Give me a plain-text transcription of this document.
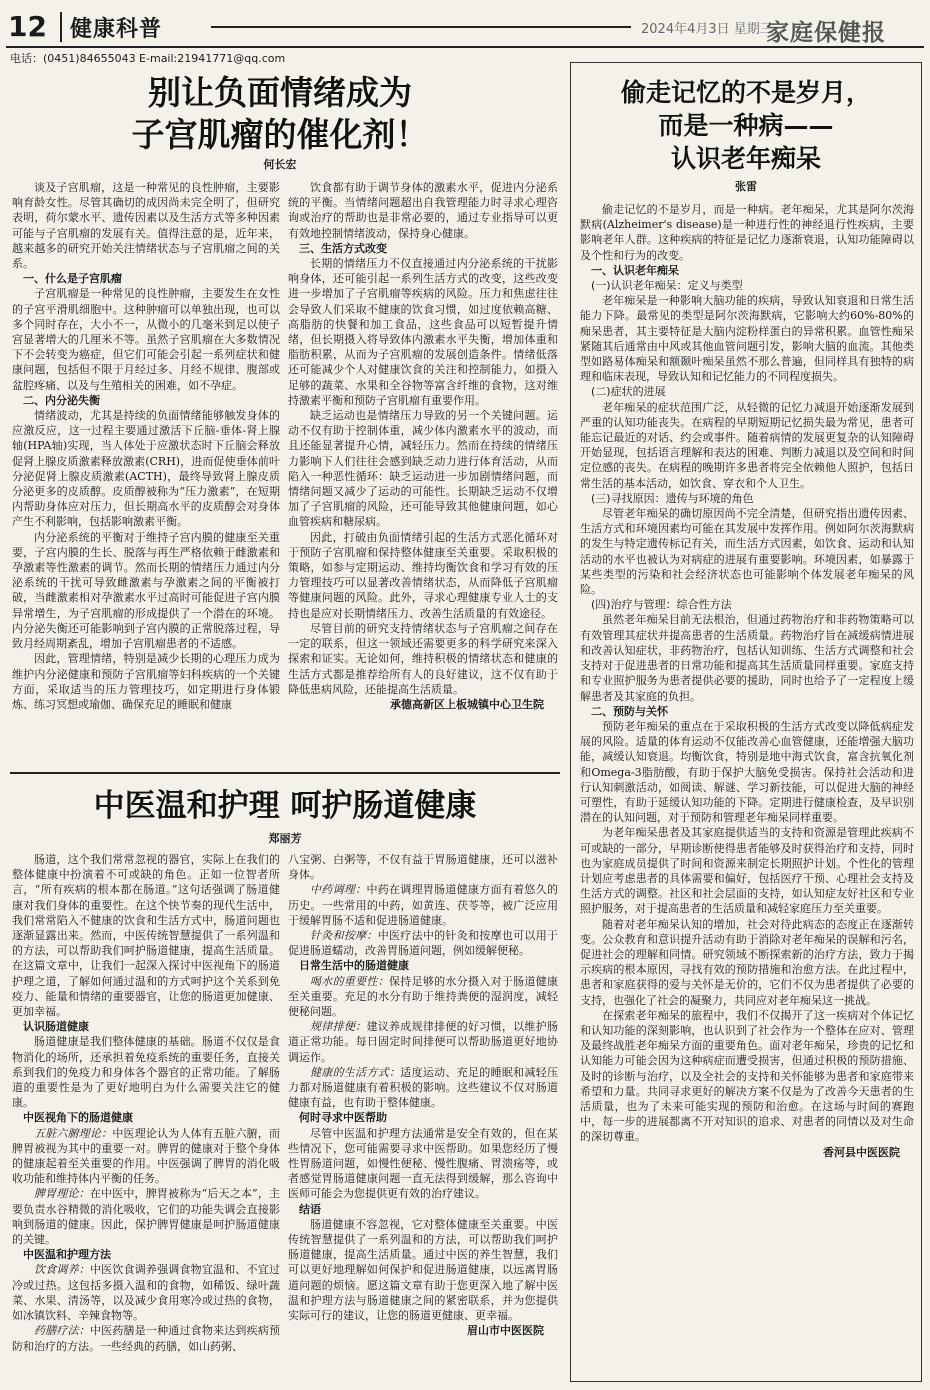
12 健康科普	2024年4月3日 星期三
家庭保健报
电话：(0451)84655043 E-mail:21941771@qq.com
别让负面情绪成为
子宫肌瘤的催化剂！
何长宏

谈及子宫肌瘤，这是一种常见的良性肿瘤，主要影响育龄女性。尽管其确切的成因尚未完全明了，但研究表明，荷尔蒙水平、遗传因素以及生活方式等多种因素可能与子宫肌瘤的发展有关。值得注意的是，近年来，越来越多的研究开始关注情绪状态与子宫肌瘤之间的关系。

一、什么是子宫肌瘤

子宫肌瘤是一种常见的良性肿瘤，主要发生在女性的子宫平滑肌细胞中。这种肿瘤可以单独出现，也可以多个同时存在，大小不一，从微小的几毫米到足以使子宫显著增大的几厘米不等。虽然子宫肌瘤在大多数情况下不会转变为癌症，但它们可能会引起一系列症状和健康问题，包括但不限于月经过多、月经不规律、腹部或盆腔疼痛、以及与生殖相关的困难，如不孕症。

二、内分泌失衡

情绪波动，尤其是持续的负面情绪能够触发身体的应激反应，这一过程主要通过激活下丘脑-垂体-肾上腺轴(HPA轴)实现，当人体处于应激状态时下丘脑会释放促肾上腺皮质激素释放激素(CRH)，进而促使垂体前叶分泌促肾上腺皮质激素(ACTH)，最终导致肾上腺皮质分泌更多的皮质醇。皮质醇被称为“压力激素”，在短期内帮助身体应对压力，但长期高水平的皮质醇会对身体产生不利影响，包括影响激素平衡。

内分泌系统的平衡对于维持子宫内膜的健康至关重要，子宫内膜的生长、脱落与再生严格依赖于雌激素和孕激素等性激素的调节。然而长期的情绪压力通过内分泌系统的干扰可导致雌激素与孕激素之间的平衡被打破，当雌激素相对孕激素水平过高时可能促进子宫内膜异常增生，为子宫肌瘤的形成提供了一个潜在的环境。内分泌失衡还可能影响到子宫内膜的正常脱落过程，导致月经周期紊乱，增加子宫肌瘤患者的不适感。

因此，管理情绪，特别是减少长期的心理压力成为维护内分泌健康和预防子宫肌瘤等妇科疾病的一个关键方面，采取适当的压力管理技巧，如定期进行身体锻炼、练习冥想或瑜伽、确保充足的睡眠和健康

饮食都有助于调节身体的激素水平，促进内分泌系统的平衡。当情绪问题超出自我管理能力时寻求心理咨询或治疗的帮助也是非常必要的，通过专业指导可以更有效地控制情绪波动，保持身心健康。

三、生活方式改变

长期的情绪压力不仅直接通过内分泌系统的干扰影响身体，还可能引起一系列生活方式的改变，这些改变进一步增加了子宫肌瘤等疾病的风险。压力和焦虑往往会导致人们采取不健康的饮食习惯，如过度依赖高糖、高脂肪的快餐和加工食品，这些食品可以短暂提升情绪，但长期摄入将导致体内激素水平失衡，增加体重和脂肪积累，从而为子宫肌瘤的发展创造条件。情绪低落还可能减少个人对健康饮食的关注和控制能力，如摄入足够的蔬菜、水果和全谷物等富含纤维的食物，这对维持激素平衡和预防子宫肌瘤有重要作用。

缺乏运动也是情绪压力导致的另一个关键问题。运动不仅有助于控制体重，减少体内激素水平的波动，而且还能显著提升心情，减轻压力。然而在持续的情绪压力影响下人们往往会感到缺乏动力进行体育活动，从而陷入一种恶性循环：缺乏运动进一步加剧情绪问题，而情绪问题又减少了运动的可能性。长期缺乏运动不仅增加了子宫肌瘤的风险，还可能导致其他健康问题，如心血管疾病和糖尿病。

因此，打破由负面情绪引起的生活方式恶化循环对于预防子宫肌瘤和保持整体健康至关重要。采取积极的策略，如参与定期运动、维持均衡饮食和学习有效的压力管理技巧可以显著改善情绪状态，从而降低子宫肌瘤等健康问题的风险。此外，寻求心理健康专业人士的支持也是应对长期情绪压力、改善生活质量的有效途径。

尽管目前的研究支持情绪状态与子宫肌瘤之间存在一定的联系，但这一领域还需要更多的科学研究来深入探索和证实。无论如何，维持积极的情绪状态和健康的生活方式都是推荐给所有人的良好建议，这不仅有助于降低患病风险，还能提高生活质量。

承德高新区上板城镇中心卫生院

中医温和护理 呵护肠道健康
郑丽芳

肠道，这个我们常常忽视的器官，实际上在我们的整体健康中扮演着不可或缺的角色。正如一位智者所言，“所有疾病的根本都在肠道。”这句话强调了肠道健康对我们身体的重要性。在这个快节奏的现代生活中，我们常常陷入不健康的饮食和生活方式中，肠道问题也逐渐显露出来。然而，中医传统智慧提供了一系列温和的方法，可以帮助我们呵护肠道健康，提高生活质量。在这篇文章中，让我们一起深入探讨中医视角下的肠道护理之道，了解如何通过温和的方式呵护这个关系到免疫力、能量和情绪的重要器官，让您的肠道更加健康、更加幸福。

认识肠道健康

肠道健康是我们整体健康的基础。肠道不仅仅是食物消化的场所，还承担着免疫系统的重要任务，直接关系到我们的免疫力和身体各个器官的正常功能。了解肠道的重要性是为了更好地明白为什么需要关注它的健康。

中医视角下的肠道健康

五脏六腑理论：中医理论认为人体有五脏六腑，而脾胃被视为其中的重要一对。脾胃的健康对于整个身体的健康起着至关重要的作用。中医强调了脾胃的消化吸收功能和维持体内平衡的任务。

脾胃理论：在中医中，脾胃被称为“后天之本”，主要负责水谷精微的消化吸收，它们的功能失调会直接影响到肠道的健康。因此，保护脾胃健康是呵护肠道健康的关键。

中医温和护理方法

饮食调养：中医饮食调养强调食物宜温和、不宜过冷或过热。这包括多摄入温和的食物，如稀饭、绿叶蔬菜、水果、清汤等，以及减少食用寒冷或过热的食物，如冰镇饮料、辛辣食物等。

药膳疗法：中医药膳是一种通过食物来达到疾病预防和治疗的方法。一些经典的药膳，如山药粥、

八宝粥、白粥等，不仅有益于胃肠道健康，还可以滋补身体。

中药调理：中药在调理胃肠道健康方面有着悠久的历史。一些常用的中药，如黄连、茯苓等，被广泛应用于缓解胃肠不适和促进肠道健康。

针灸和按摩：中医疗法中的针灸和按摩也可以用于促进肠道蠕动，改善胃肠道问题，例如缓解便秘。

日常生活中的肠道健康

喝水的重要性：保持足够的水分摄入对于肠道健康至关重要。充足的水分有助于维持粪便的湿润度，减轻便秘问题。

规律排便：建议养成规律排便的好习惯，以维护肠道正常功能。每日固定时间排便可以帮助肠道更好地协调运作。

健康的生活方式：适度运动、充足的睡眠和减轻压力都对肠道健康有着积极的影响。这些建议不仅对肠道健康有益，也有助于整体健康。

何时寻求中医帮助

尽管中医温和护理方法通常是安全有效的，但在某些情况下，您可能需要寻求中医帮助。如果您经历了慢性胃肠道问题，如慢性便秘、慢性腹痛、胃溃疡等，或者感觉胃肠道健康问题一直无法得到缓解，那么咨询中医师可能会为您提供更有效的治疗建议。

结语

肠道健康不容忽视，它对整体健康至关重要。中医传统智慧提供了一系列温和的方法，可以帮助我们呵护肠道健康，提高生活质量。通过中医的养生智慧，我们可以更好地理解如何保护和促进肠道健康，以远离胃肠道问题的烦恼。愿这篇文章有助于您更深入地了解中医温和护理方法与肠道健康之间的紧密联系，并为您提供实际可行的建议，让您的肠道更健康、更幸福。

眉山市中医医院

偷走记忆的不是岁月，
而是一种病——
认识老年痴呆
张雷

偷走记忆的不是岁月，而是一种病。老年痴呆，尤其是阿尔茨海默病(Alzheimer's disease)是一种进行性的神经退行性疾病，主要影响老年人群。这种疾病的特征是记忆力逐渐衰退，认知功能障碍以及个性和行为的改变。

一、认识老年痴呆

(一)认识老年痴呆：定义与类型

老年痴呆是一种影响大脑功能的疾病，导致认知衰退和日常生活能力下降。最常见的类型是阿尔茨海默病，它影响大约60%-80%的痴呆患者，其主要特征是大脑内淀粉样蛋白的异常积累。血管性痴呆紧随其后通常由中风或其他血管问题引发，影响大脑的血流。其他类型如路易体痴呆和额颞叶痴呆虽然不那么普遍，但同样具有独特的病理和临床表现，导致认知和记忆能力的不同程度损失。

(二)症状的进展

老年痴呆的症状范围广泛，从轻微的记忆力减退开始逐渐发展到严重的认知功能丧失。在病程的早期短期记忆损失最为常见，患者可能忘记最近的对话、约会或事件。随着病情的发展更复杂的认知障碍开始显现，包括语言理解和表达的困难、判断力减退以及空间和时间定位感的丧失。在病程的晚期许多患者将完全依赖他人照护，包括日常生活的基本活动，如饮食、穿衣和个人卫生。

(三)寻找原因：遗传与环境的角色

尽管老年痴呆的确切原因尚不完全清楚，但研究指出遗传因素、生活方式和环境因素均可能在其发展中发挥作用。例如阿尔茨海默病的发生与特定遗传标记有关，而生活方式因素，如饮食、运动和认知活动的水平也被认为对病症的进展有重要影响。环境因素，如暴露于某些类型的污染和社会经济状态也可能影响个体发展老年痴呆的风险。

(四)治疗与管理：综合性方法

虽然老年痴呆目前无法根治，但通过药物治疗和非药物策略可以有效管理其症状并提高患者的生活质量。药物治疗旨在减缓病情进展和改善认知症状，非药物治疗，包括认知训练、生活方式调整和社会支持对于促进患者的日常功能和提高其生活质量同样重要。家庭支持和专业照护服务为患者提供必要的援助，同时也给予了一定程度上缓解患者及其家庭的负担。

二、预防与关怀

预防老年痴呆的重点在于采取积极的生活方式改变以降低病症发展的风险。适量的体育运动不仅能改善心血管健康，还能增强大脑功能，减缓认知衰退。均衡饮食，特别是地中海式饮食，富含抗氧化剂和Omega-3脂肪酸，有助于保护大脑免受损害。保持社会活动和进行认知刺激活动，如阅读、解谜、学习新技能，可以促进大脑的神经可塑性，有助于延缓认知功能的下降。定期进行健康检查，及早识别潜在的认知问题，对于预防和管理老年痴呆同样重要。

为老年痴呆患者及其家庭提供适当的支持和资源是管理此疾病不可或缺的一部分，早期诊断使得患者能够及时获得治疗和支持，同时也为家庭成员提供了时间和资源来制定长期照护计划。个性化的管理计划应考虑患者的具体需要和偏好，包括医疗干预、心理社会支持及生活方式的调整。社区和社会层面的支持，如认知症友好社区和专业照护服务，对于提高患者的生活质量和减轻家庭压力至关重要。

随着对老年痴呆认知的增加，社会对待此病态的态度正在逐渐转变。公众教育和意识提升活动有助于消除对老年痴呆的误解和污名，促进社会的理解和同情。研究领域不断探索新的治疗方法，致力于揭示疾病的根本原因，寻找有效的预防措施和治愈方法。在此过程中，患者和家庭获得的爱与关怀是无价的，它们不仅为患者提供了必要的支持，也强化了社会的凝聚力，共同应对老年痴呆这一挑战。

在探索老年痴呆的旅程中，我们不仅揭开了这一疾病对个体记忆和认知功能的深刻影响，也认识到了社会作为一个整体在应对、管理及最终战胜老年痴呆方面的重要角色。面对老年痴呆，珍贵的记忆和认知能力可能会因为这种病症而遭受损害，但通过积极的预防措施、及时的诊断与治疗，以及全社会的支持和关怀能够为患者和家庭带来希望和力量。共同寻求更好的解决方案不仅是为了改善今天患者的生活质量，也为了未来可能实现的预防和治愈。在这场与时间的赛跑中，每一步的进展都离不开对知识的追求、对患者的同情以及对生命的深切尊重。

香河县中医医院
